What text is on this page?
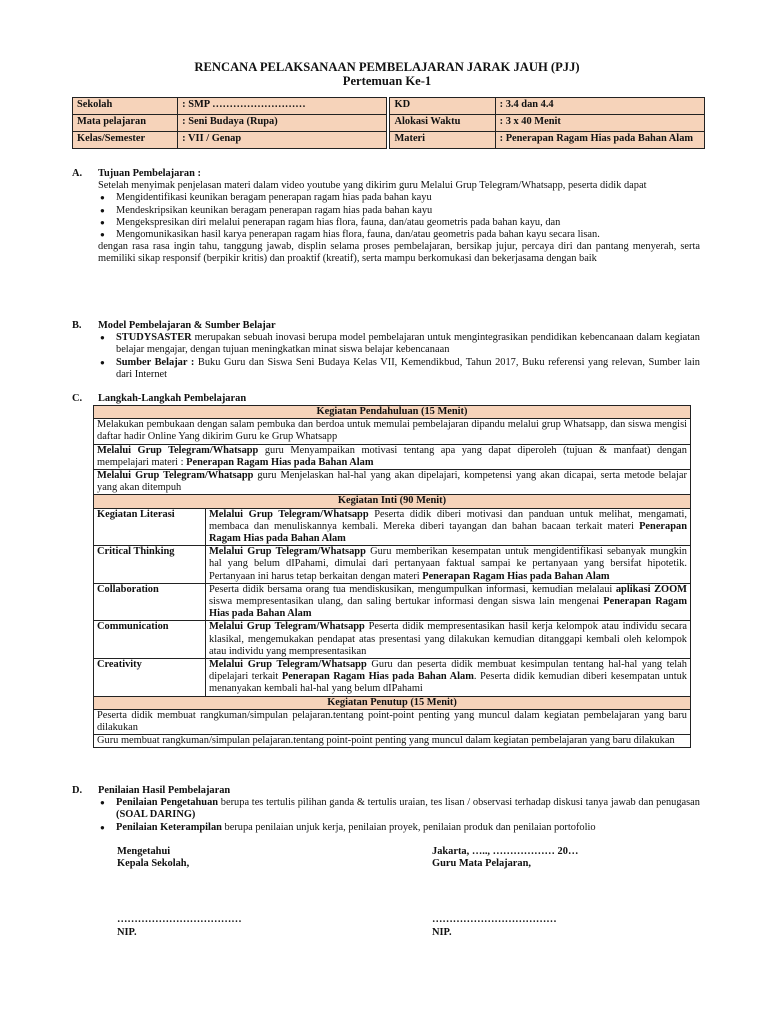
RENCANA PELAKSANAAN PEMBELAJARAN JARAK JAUH (PJJ)
Pertemuan Ke-1
Sekolah	: SMP ………………………		KD	: 3.4 dan 4.4
Mata pelajaran	: Seni Budaya (Rupa)		Alokasi Waktu	: 3 x 40 Menit
Kelas/Semester	: VII / Genap		Materi	: Penerapan Ragam Hias pada Bahan Alam
A. Tujuan Pembelajaran :
Setelah menyimak penjelasan materi dalam video youtube yang dikirim guru Melalui Grup Telegram/Whatsapp, peserta didik dapat
● Mengidentifikasi keunikan beragam penerapan ragam hias pada bahan kayu
● Mendeskripsikan keunikan beragam penerapan ragam hias pada bahan kayu
● Mengekspresikan diri melalui penerapan ragam hias flora, fauna, dan/atau geometris pada bahan kayu, dan
● Mengomunikasikan hasil karya penerapan ragam hias flora, fauna, dan/atau geometris pada bahan kayu secara lisan.
dengan rasa rasa ingin tahu, tanggung jawab, displin selama proses pembelajaran, bersikap jujur, percaya diri dan pantang menyerah, serta memiliki sikap responsif (berpikir kritis) dan proaktif (kreatif), serta mampu berkomukasi dan bekerjasama dengan baik
B. Model Pembelajaran & Sumber Belajar
● STUDYSASTER merupakan sebuah inovasi berupa model pembelajaran untuk mengintegrasikan pendidikan kebencanaan dalam kegiatan belajar mengajar, dengan tujuan meningkatkan minat siswa belajar kebencanaan
● Sumber Belajar : Buku Guru dan Siswa Seni Budaya Kelas VII, Kemendikbud, Tahun 2017, Buku referensi yang relevan, Sumber lain dari Internet
C. Langkah-Langkah Pembelajaran
Kegiatan Pendahuluan (15 Menit)	
Melakukan pembukaan dengan salam pembuka dan berdoa untuk memulai pembelajaran dipandu melalui grup Whatsapp, dan siswa mengisi daftar hadir Online Yang dikirim Guru ke Grup Whatsapp	
Melalui Grup Telegram/Whatsapp guru Menyampaikan motivasi tentang apa yang dapat diperoleh (tujuan & manfaat) dengan mempelajari materi : Penerapan Ragam Hias pada Bahan Alam	
Melalui Grup Telegram/Whatsapp guru Menjelaskan hal-hal yang akan dipelajari, kompetensi yang akan dicapai, serta metode belajar yang akan ditempuh	
Kegiatan Inti (90 Menit)	
Kegiatan Literasi	Melalui Grup Telegram/Whatsapp Peserta didik diberi motivasi dan panduan untuk melihat, mengamati, membaca dan menuliskannya kembali. Mereka diberi tayangan dan bahan bacaan terkait materi Penerapan Ragam Hias pada Bahan Alam
Critical Thinking	Melalui Grup Telegram/Whatsapp Guru memberikan kesempatan untuk mengidentifikasi sebanyak mungkin hal yang belum dIPahami, dimulai dari pertanyaan faktual sampai ke pertanyaan yang bersifat hipotetik. Pertanyaan ini harus tetap berkaitan dengan materi Penerapan Ragam Hias pada Bahan Alam
Collaboration	Peserta didik bersama orang tua mendiskusikan, mengumpulkan informasi, kemudian melalaui aplikasi ZOOM siswa mempresentasikan ulang, dan saling bertukar informasi dengan siswa lain mengenai Penerapan Ragam Hias pada Bahan Alam
Communication	Melalui Grup Telegram/Whatsapp Peserta didik mempresentasikan hasil kerja kelompok atau individu secara klasikal, mengemukakan pendapat atas presentasi yang dilakukan kemudian ditanggapi kembali oleh kelompok atau individu yang mempresentasikan
Creativity	Melalui Grup Telegram/Whatsapp Guru dan peserta didik membuat kesimpulan tentang hal-hal yang telah dipelajari terkait Penerapan Ragam Hias pada Bahan Alam. Peserta didik kemudian diberi kesempatan untuk menanyakan kembali hal-hal yang belum dIPahami
Kegiatan Penutup (15 Menit)	
Peserta didik membuat rangkuman/simpulan pelajaran.tentang point-point penting yang muncul dalam kegiatan pembelajaran yang baru dilakukan	
Guru membuat rangkuman/simpulan pelajaran.tentang point-point penting yang muncul dalam kegiatan pembelajaran yang baru dilakukan	
D. Penilaian Hasil Pembelajaran
● Penilaian Pengetahuan berupa tes tertulis pilihan ganda & tertulis uraian, tes lisan / observasi terhadap diskusi tanya jawab dan penugasan (SOAL DARING)
● Penilaian Keterampilan berupa penilaian unjuk kerja, penilaian proyek, penilaian produk dan penilaian portofolio
Mengetahui
Kepala Sekolah,
………………………………
NIP.
Jakarta, ….., ……………… 20…
Guru Mata Pelajaran,
………………………………
NIP.
